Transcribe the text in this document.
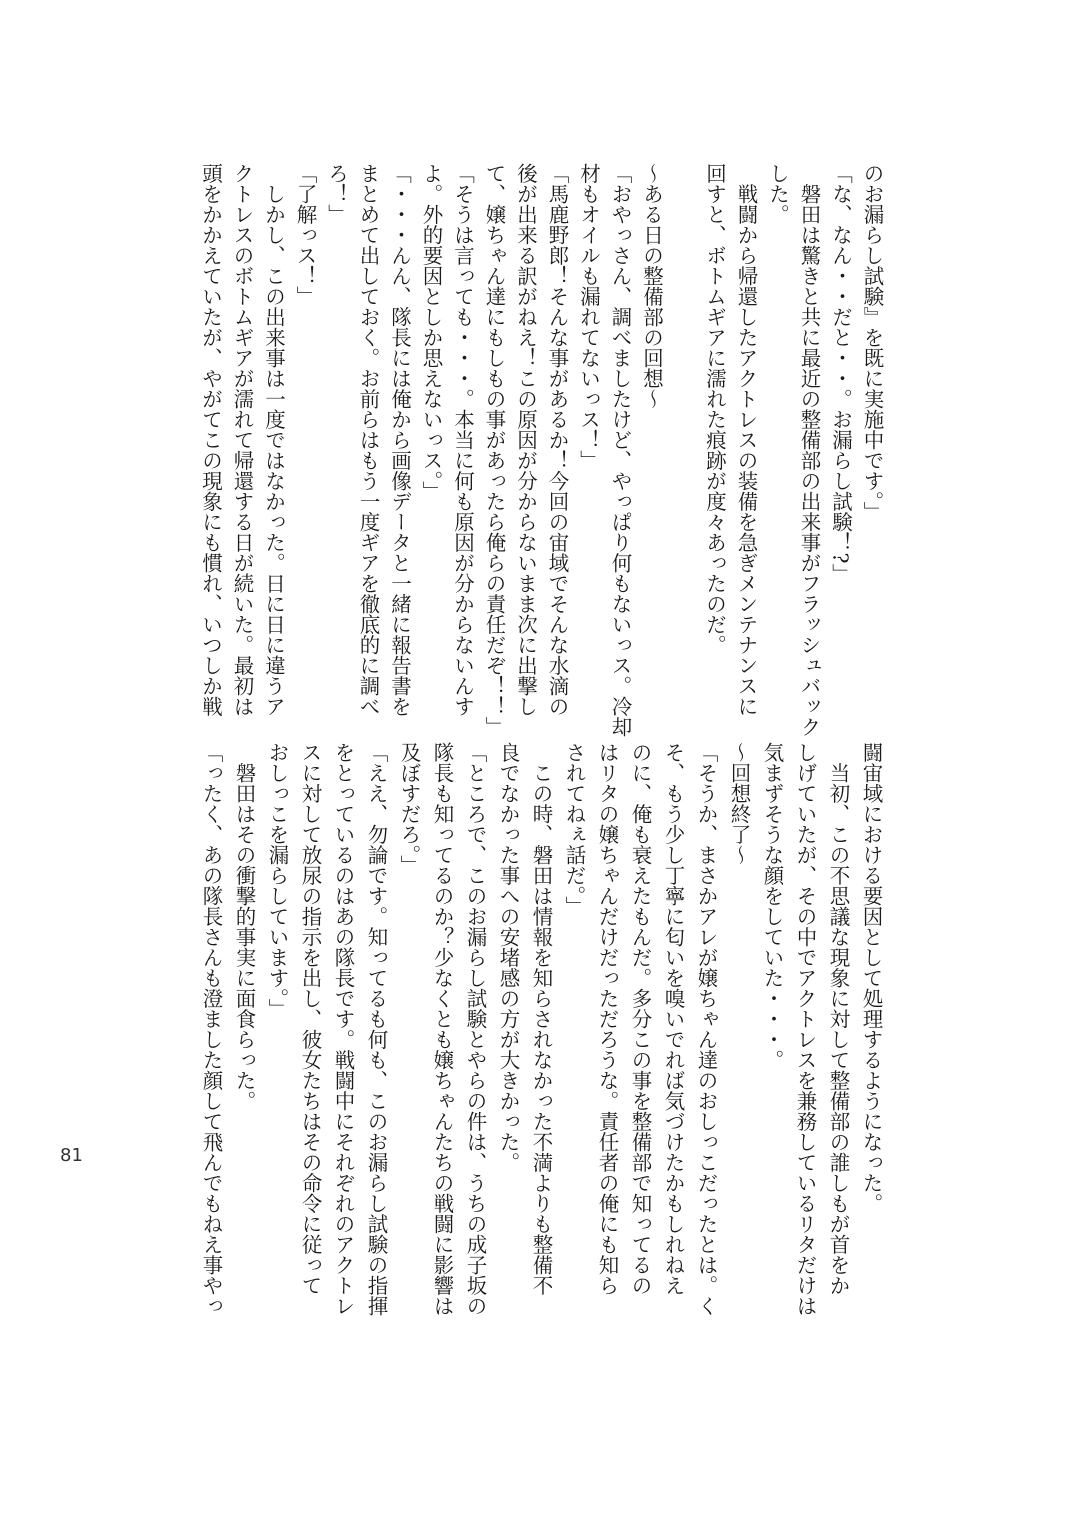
のお漏らし試験』を既に実施中です。」

「な、なん・・だと・・。お漏らし試験！?」

　磐田は驚きと共に最近の整備部の出来事がフラッシュバック

した。

　戦闘から帰還したアクトレスの装備を急ぎメンテナンスに

回すと、ボトムギアに濡れた痕跡が度々あったのだ。

〜ある日の整備部の回想〜

「おやっさん、調べましたけど、やっぱり何もないっス。冷却

材もオイルも漏れてないっス！」

「馬鹿野郎！そんな事があるか！今回の宙域でそんな水滴の

後が出来る訳がねえ！この原因が分からないまま次に出撃し

て、嬢ちゃん達にもしもの事があったら俺らの責任だぞ！！」

「そうは言っても・・・。本当に何も原因が分からないんす

よ。外的要因としか思えないっス。」

「・・・んん、隊長には俺から画像データと一緒に報告書を

まとめて出しておく。お前らはもう一度ギアを徹底的に調べ

ろ！」

「了解っス！」

　しかし、この出来事は一度ではなかった。日に日に違うア

クトレスのボトムギアが濡れて帰還する日が続いた。最初は

頭をかかえていたが、やがてこの現象にも慣れ、いつしか戦

闘宙域における要因として処理するようになった。

　当初、この不思議な現象に対して整備部の誰しもが首をか

しげていたが、その中でアクトレスを兼務しているリタだけは

気まずそうな顔をしていた・・・。

〜回想終了〜

「そうか、まさかアレが嬢ちゃん達のおしっこだったとは。く

そ、もう少し丁寧に匂いを嗅いでれば気づけたかもしれねえ

のに、俺も衰えたもんだ。多分この事を整備部で知ってるの

はリタの嬢ちゃんだけだっただろうな。責任者の俺にも知ら

されてねぇ話だ。」

　この時、磐田は情報を知らされなかった不満よりも整備不

良でなかった事への安堵感の方が大きかった。

「ところで、このお漏らし試験とやらの件は、うちの成子坂の

隊長も知ってるのか？少なくとも嬢ちゃんたちの戦闘に影響は

及ぼすだろ。」

「ええ、勿論です。知ってるも何も、このお漏らし試験の指揮

をとっているのはあの隊長です。戦闘中にそれぞれのアクトレ

スに対して放尿の指示を出し、彼女たちはその命令に従って

おしっこを漏らしています。」

　磐田はその衝撃的事実に面食らった。

「ったく、あの隊長さんも澄ました顔して飛んでもねえ事やっ

81
